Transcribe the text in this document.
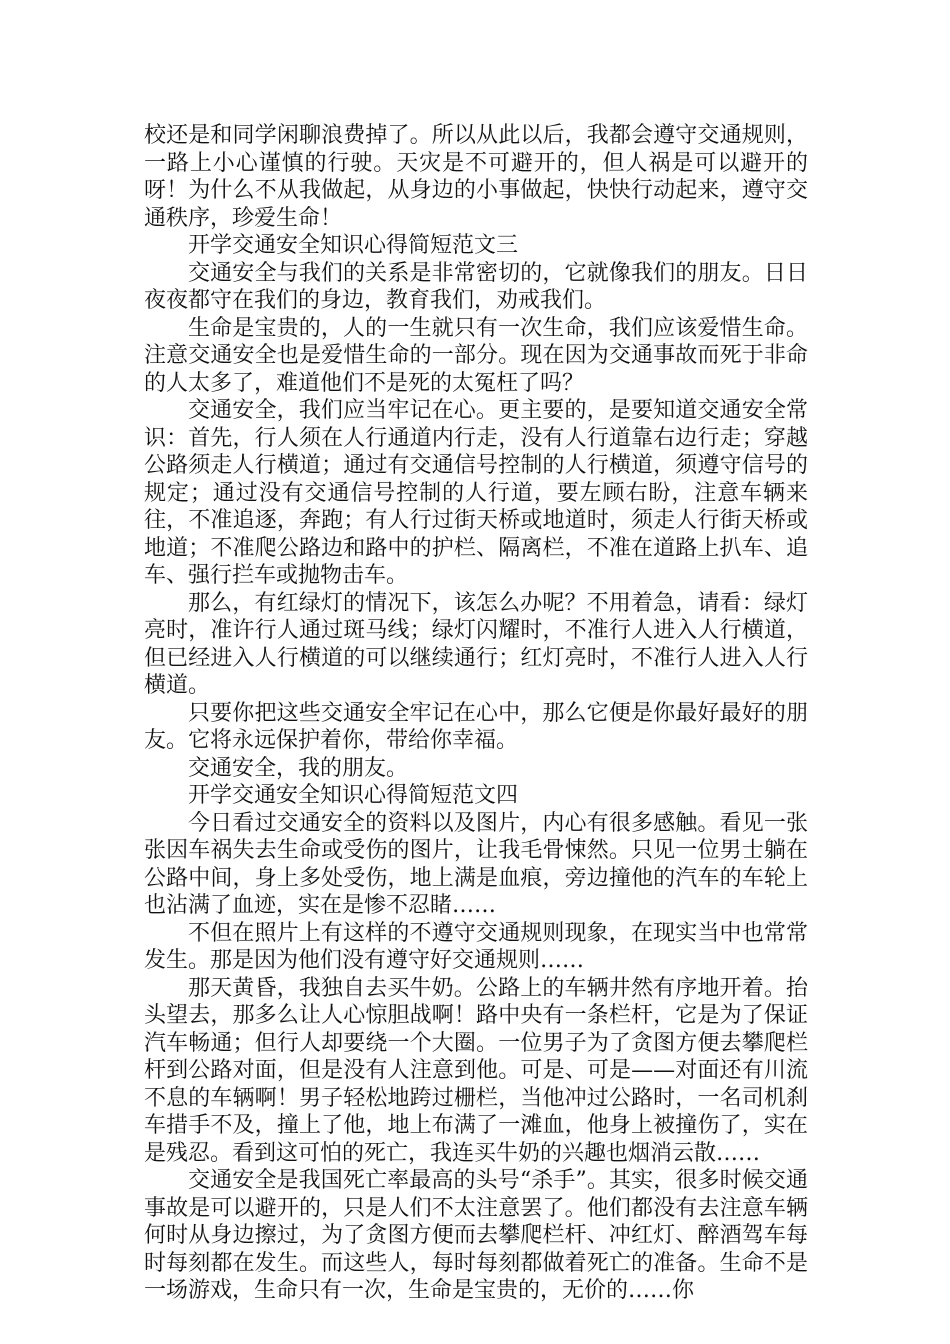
校还是和同学闲聊浪费掉了。所以从此以后，我都会遵守交通规则，一路上小心谨慎的行驶。天灾是不可避开的，但人祸是可以避开的呀！为什么不从我做起，从身边的小事做起，快快行动起来，遵守交通秩序，珍爱生命！

开学交通安全知识心得简短范文三

交通安全与我们的关系是非常密切的，它就像我们的朋友。日日夜夜都守在我们的身边，教育我们，劝戒我们。

生命是宝贵的，人的一生就只有一次生命，我们应该爱惜生命。注意交通安全也是爱惜生命的一部分。现在因为交通事故而死于非命的人太多了，难道他们不是死的太冤枉了吗？

交通安全，我们应当牢记在心。更主要的，是要知道交通安全常识：首先，行人须在人行通道内行走，没有人行道靠右边行走；穿越公路须走人行横道；通过有交通信号控制的人行横道，须遵守信号的规定；通过没有交通信号控制的人行道，要左顾右盼，注意车辆来往，不准追逐，奔跑；有人行过街天桥或地道时，须走人行街天桥或地道；不准爬公路边和路中的护栏、隔离栏，不准在道路上扒车、追车、强行拦车或抛物击车。

那么，有红绿灯的情况下，该怎么办呢？不用着急，请看：绿灯亮时，准许行人通过斑马线；绿灯闪耀时，不准行人进入人行横道，但已经进入人行横道的可以继续通行；红灯亮时，不准行人进入人行横道。

只要你把这些交通安全牢记在心中，那么它便是你最好最好的朋友。它将永远保护着你，带给你幸福。

交通安全，我的朋友。

开学交通安全知识心得简短范文四

今日看过交通安全的资料以及图片，内心有很多感触。看见一张张因车祸失去生命或受伤的图片，让我毛骨悚然。只见一位男士躺在公路中间，身上多处受伤，地上满是血痕，旁边撞他的汽车的车轮上也沾满了血迹，实在是惨不忍睹……

不但在照片上有这样的不遵守交通规则现象，在现实当中也常常发生。那是因为他们没有遵守好交通规则……

那天黄昏，我独自去买牛奶。公路上的车辆井然有序地开着。抬头望去，那多么让人心惊胆战啊！路中央有一条栏杆，它是为了保证汽车畅通；但行人却要绕一个大圈。一位男子为了贪图方便去攀爬栏杆到公路对面，但是没有人注意到他。可是、可是——对面还有川流不息的车辆啊！男子轻松地跨过栅栏，当他冲过公路时，一名司机刹车措手不及，撞上了他，地上布满了一滩血，他身上被撞伤了，实在是残忍。看到这可怕的死亡，我连买牛奶的兴趣也烟消云散……

交通安全是我国死亡率最高的头号“杀手”。其实，很多时候交通事故是可以避开的，只是人们不太注意罢了。他们都没有去注意车辆何时从身边擦过，为了贪图方便而去攀爬栏杆、冲红灯、醉酒驾车每时每刻都在发生。而这些人，每时每刻都做着死亡的准备。生命不是一场游戏，生命只有一次，生命是宝贵的，无价的……你
